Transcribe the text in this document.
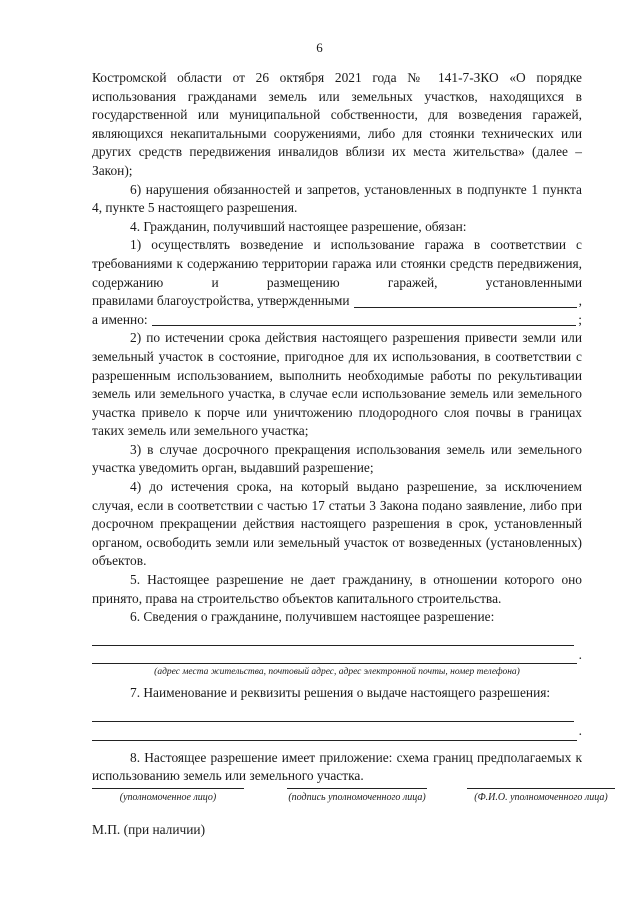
6

Костромской области от 26 октября 2021 года № 141-7-ЗКО «О порядке использования гражданами земель или земельных участков, находящихся в государственной или муниципальной собственности, для возведения гаражей, являющихся некапитальными сооружениями, либо для стоянки технических или других средств передвижения инвалидов вблизи их места жительства» (далее – Закон);

6) нарушения обязанностей и запретов, установленных в подпункте 1 пункта 4, пункте 5 настоящего разрешения.

4. Гражданин, получивший настоящее разрешение, обязан:

1) осуществлять возведение и использование гаража в соответствии с требованиями к содержанию территории гаража или стоянки средств передвижения, содержанию и размещению гаражей, установленными

правилами благоустройства, утвержденными	,
а именно:	;

2) по истечении срока действия настоящего разрешения привести земли или земельный участок в состояние, пригодное для их использования, в соответствии с разрешенным использованием, выполнить необходимые работы по рекультивации земель или земельного участка, в случае если использование земель или земельного участка привело к порче или уничтожению плодородного слоя почвы в границах таких земель или земельного участка;

3) в случае досрочного прекращения использования земель или земельного участка уведомить орган, выдавший разрешение;

4) до истечения срока, на который выдано разрешение, за исключением случая, если в соответствии с частью 17 статьи 3 Закона подано заявление, либо при досрочном прекращении действия настоящего разрешения в срок, установленный органом, освободить земли или земельный участок от возведенных (установленных) объектов.

5. Настоящее разрешение не дает гражданину, в отношении которого оно принято, права на строительство объектов капитального строительства.

6. Сведения о гражданине, получившем настоящее разрешение:

.
(адрес места жительства, почтовый адрес, адрес электронной почты, номер телефона)

7. Наименование и реквизиты решения о выдаче настоящего разрешения:

.

8. Настоящее разрешение имеет приложение: схема границ предполагаемых к использованию земель или земельного участка.

(уполномоченное лицо)	(подпись уполномоченного лица)	(Ф.И.О. уполномоченного лица)
М.П. (при наличии)
